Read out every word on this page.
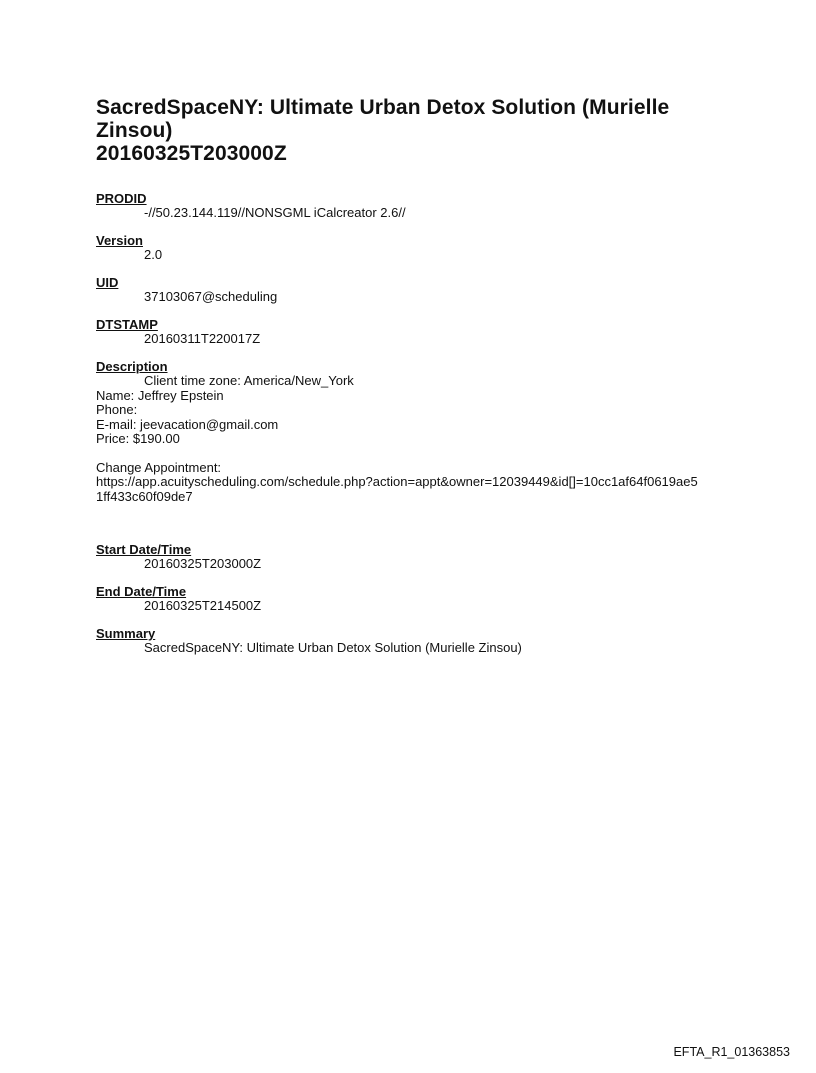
SacredSpaceNY: Ultimate Urban Detox Solution (Murielle
Zinsou)
20160325T203000Z
PRODID
-//50.23.144.119//NONSGML iCalcreator 2.6//
Version
2.0
UID
37103067@scheduling
DTSTAMP
20160311T220017Z
Description
Client time zone: America/New_York
Name: Jeffrey Epstein
Phone:
E-mail: jeevacation@gmail.com
Price: $190.00
Change Appointment:
https://app.acuityscheduling.com/schedule.php?action=appt&owner=12039449&id[]=10cc1af64f0619ae5
1ff433c60f09de7
Start Date/Time
20160325T203000Z
End Date/Time
20160325T214500Z
Summary
SacredSpaceNY: Ultimate Urban Detox Solution (Murielle Zinsou)
EFTA_R1_01363853
